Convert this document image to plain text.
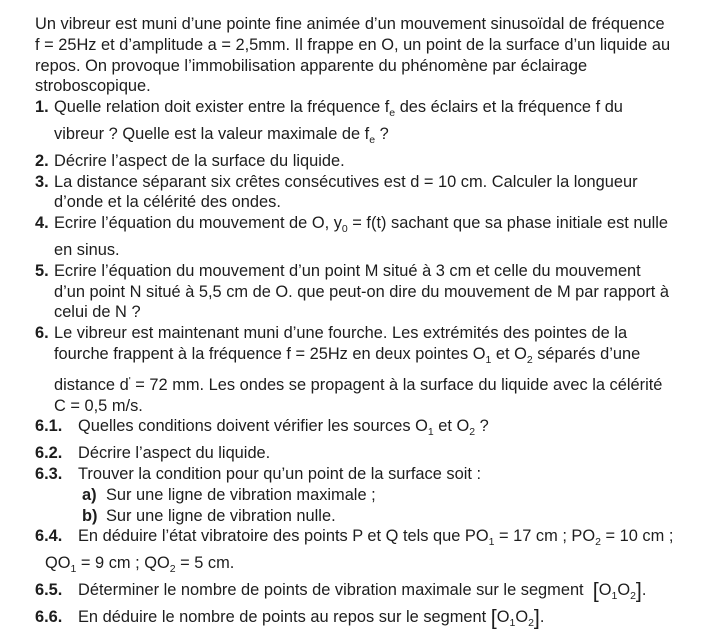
Un vibreur est muni d’une pointe fine animée d’un mouvement sinusoïdal de fréquence
f = 25Hz et d’amplitude a = 2,5mm. Il frappe en O, un point de la surface d’un liquide au
repos. On provoque l’immobilisation apparente du phénomène par éclairage
stroboscopique.
1. Quelle relation doit exister entre la fréquence $f_e$ des éclairs et la fréquence f du
vibreur ? Quelle est la valeur maximale de $f_e$ ?
2. Décrire l’aspect de la surface du liquide.
3. La distance séparant six crêtes consécutives est d = 10 cm. Calculer la longueur
d’onde et la célérité des ondes.
4. Ecrire l’équation du mouvement de O, $y_0 = f(t)$ sachant que sa phase initiale est nulle
en sinus.
5. Ecrire l’équation du mouvement d’un point M situé à 3 cm et celle du mouvement
d’un point N situé à 5,5 cm de O. que peut-on dire du mouvement de M par rapport à
celui de N ?
6. Le vibreur est maintenant muni d’une fourche. Les extrémités des pointes de la
fourche frappent à la fréquence f = 25Hz en deux pointes $O_1$ et $O_2$ séparés d’une
distance d' = 72 mm. Les ondes se propagent à la surface du liquide avec la célérité
C = 0,5 m/s.
6.1. Quelles conditions doivent vérifier les sources $O_1$ et $O_2$ ?
6.2. Décrire l’aspect du liquide.
6.3. Trouver la condition pour qu’un point de la surface soit :
a) Sur une ligne de vibration maximale ;
b) Sur une ligne de vibration nulle.
6.4. En déduire l’état vibratoire des points P et Q tels que $PO_1 = 17$ cm ; $PO_2 = 10$ cm ;
$QO_1 = 9$ cm ; $QO_2 = 5$ cm.
6.5. Déterminer le nombre de points de vibration maximale sur le segment  $[O_1O_2]$.
6.6. En déduire le nombre de points au repos sur le segment $[O_1O_2]$.
